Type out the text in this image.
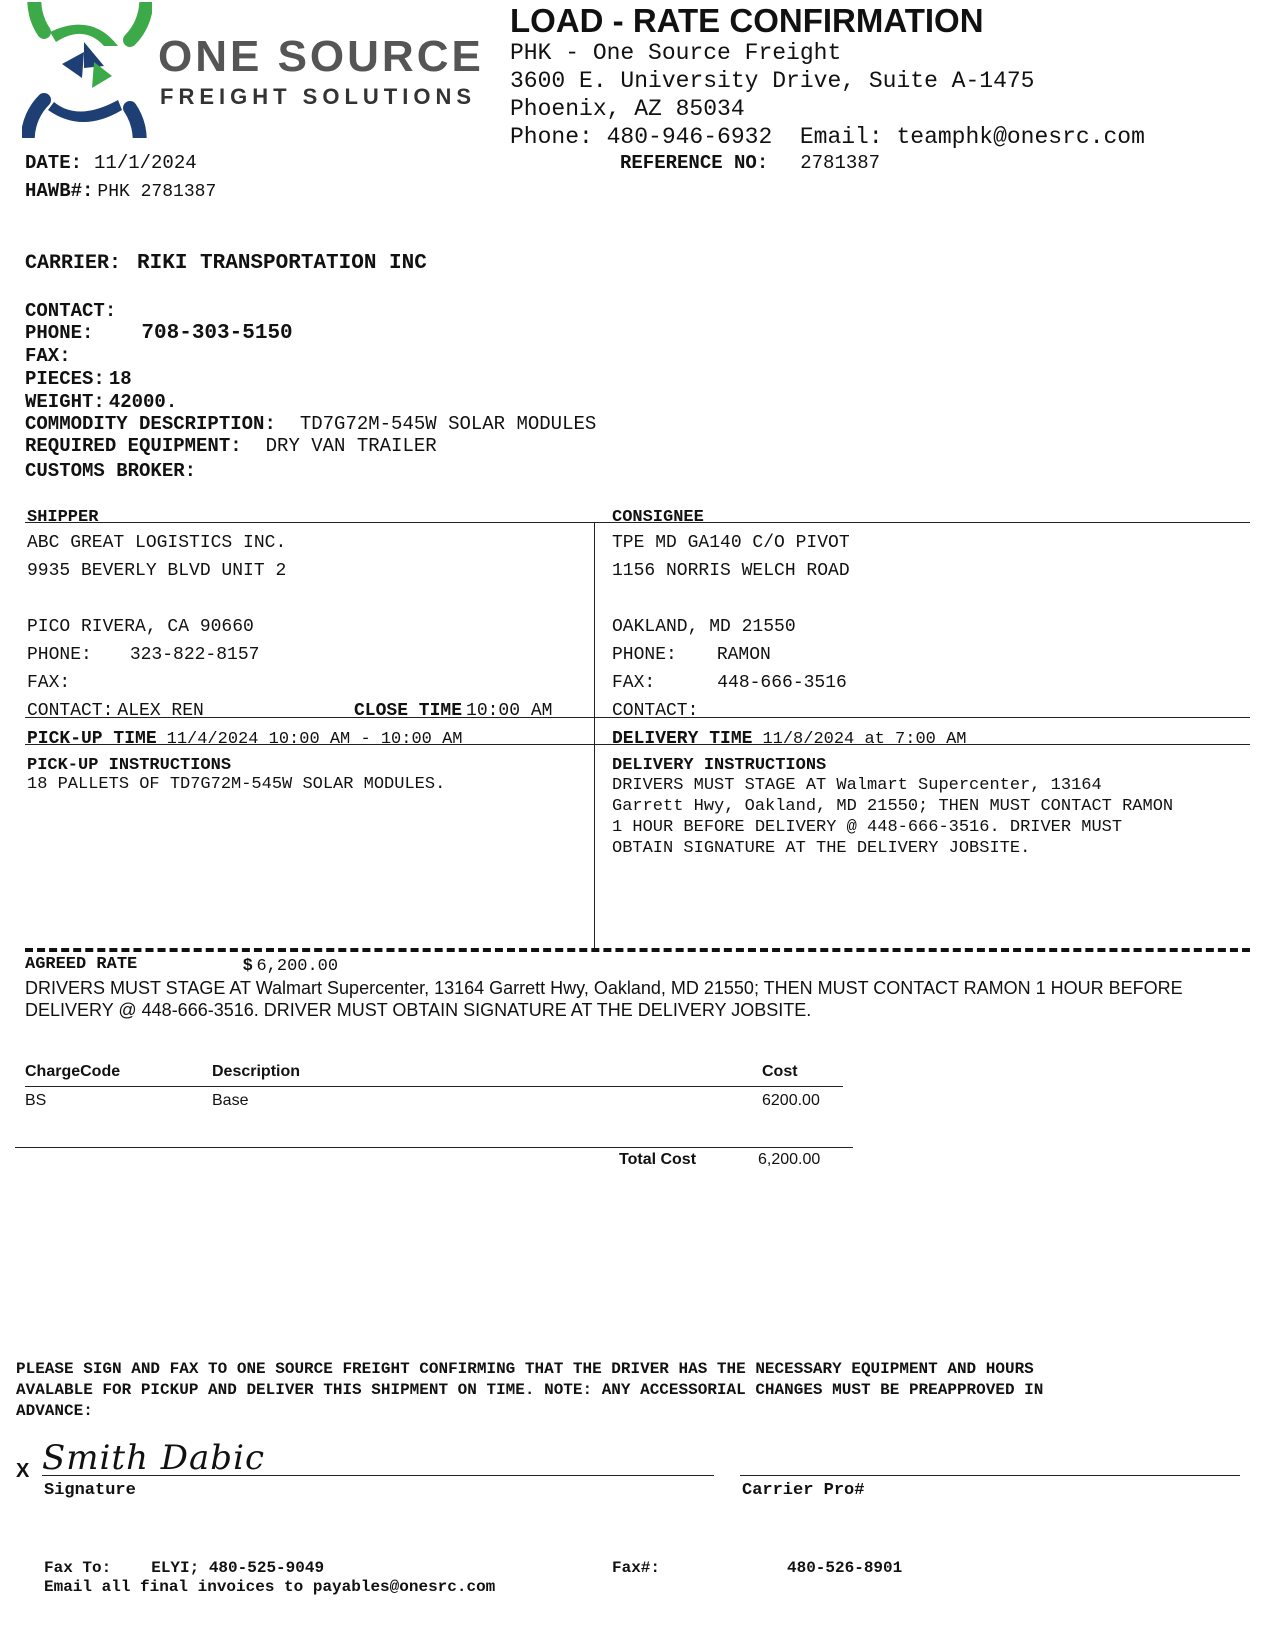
ONE SOURCE
FREIGHT SOLUTIONS
LOAD - RATE CONFIRMATION
PHK - One Source Freight
3600 E. University Drive, Suite A-1475
Phoenix, AZ 85034
Phone: 480-946-6932  Email: teamphk@onesrc.com
DATE: 11/1/2024
HAWB#: PHK 2781387
REFERENCE NO: 2781387
CARRIER: RIKI TRANSPORTATION INC
CONTACT:
PHONE: 708-303-5150
FAX:
PIECES: 18
WEIGHT: 42000.
COMMODITY DESCRIPTION: TD7G72M-545W SOLAR MODULES
REQUIRED EQUIPMENT: DRY VAN TRAILER
CUSTOMS BROKER:
SHIPPER
ABC GREAT LOGISTICS INC.
9935 BEVERLY BLVD UNIT 2
PICO RIVERA, CA 90660
PHONE: 323-822-8157
FAX:
CONTACT: ALEX REN	CLOSE TIME 10:00 AM
PICK-UP TIME 11/4/2024 10:00 AM - 10:00 AM
PICK-UP INSTRUCTIONS
18 PALLETS OF TD7G72M-545W SOLAR MODULES.
CONSIGNEE
TPE MD GA140 C/O PIVOT
1156 NORRIS WELCH ROAD
OAKLAND, MD 21550
PHONE: RAMON
FAX:	448-666-3516
CONTACT:
DELIVERY TIME 11/8/2024 at 7:00 AM
DELIVERY INSTRUCTIONS
DRIVERS MUST STAGE AT Walmart Supercenter, 13164
Garrett Hwy, Oakland, MD 21550; THEN MUST CONTACT RAMON
1 HOUR BEFORE DELIVERY @ 448-666-3516. DRIVER MUST
OBTAIN SIGNATURE AT THE DELIVERY JOBSITE.
AGREED RATE	$ 6,200.00
DRIVERS MUST STAGE AT Walmart Supercenter, 13164 Garrett Hwy, Oakland, MD 21550; THEN MUST CONTACT RAMON 1 HOUR BEFORE
DELIVERY @ 448-666-3516. DRIVER MUST OBTAIN SIGNATURE AT THE DELIVERY JOBSITE.
ChargeCode	Description	Cost
BS	Base	6200.00
Total Cost	6,200.00
PLEASE SIGN AND FAX TO ONE SOURCE FREIGHT CONFIRMING THAT THE DRIVER HAS THE NECESSARY EQUIPMENT AND HOURS
AVALABLE FOR PICKUP AND DELIVER THIS SHIPMENT ON TIME. NOTE: ANY ACCESSORIAL CHANGES MUST BE PREAPPROVED IN
ADVANCE:
X Smith Dabic
Signature	Carrier Pro#
Fax To:	ELYI; 480-525-9049	Fax#:	480-526-8901
Email all final invoices to payables@onesrc.com
